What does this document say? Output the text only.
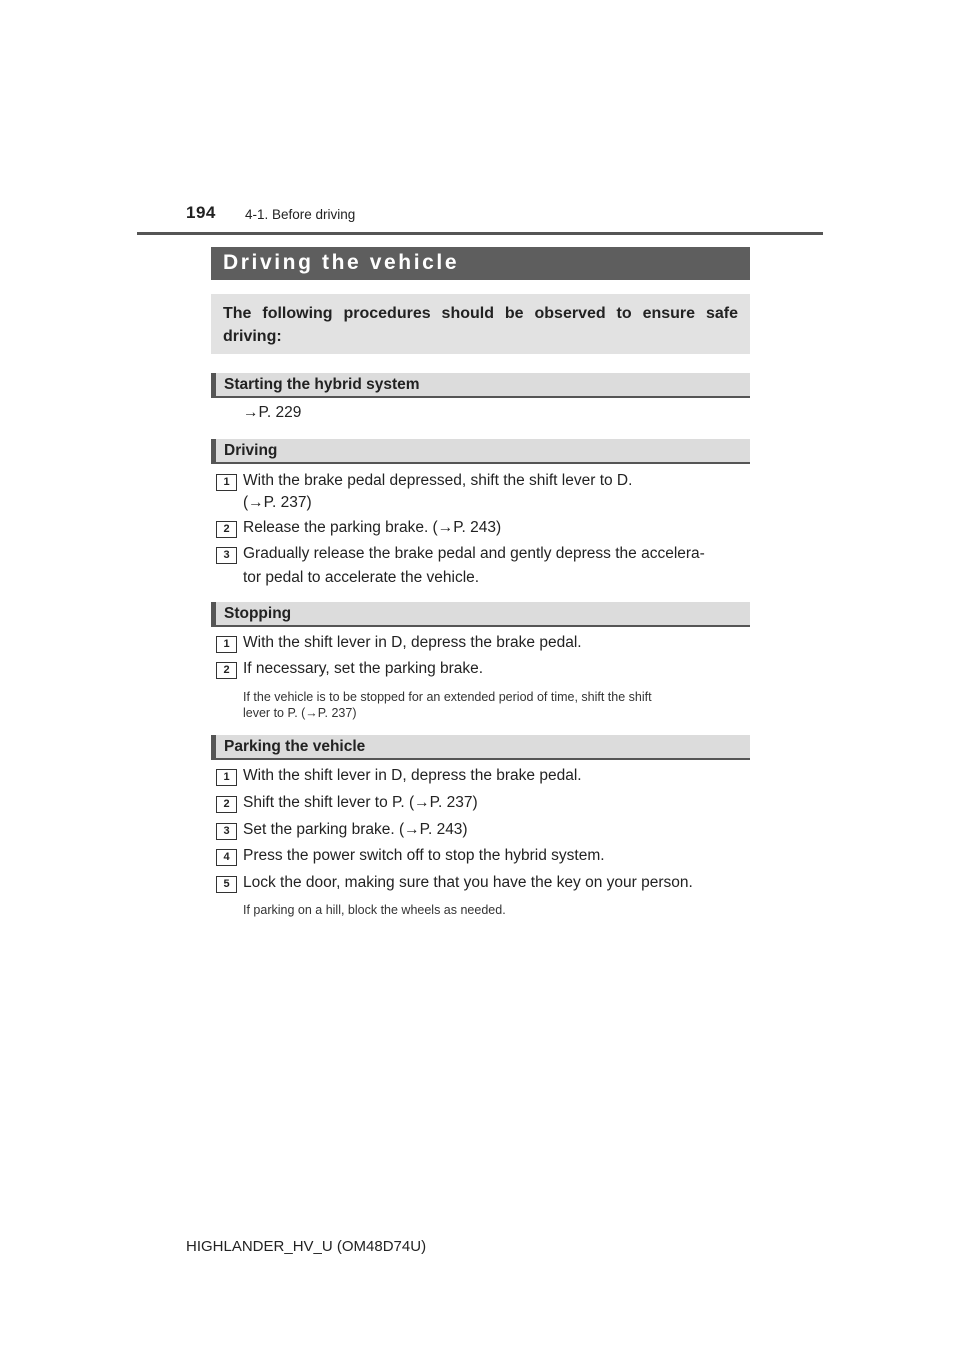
194 4-1. Before driving
Driving the vehicle
The following procedures should be observed to ensure safe driving:
Starting the hybrid system
→P. 229
Driving
1 With the brake pedal depressed, shift the shift lever to D.
(→P. 237)
2 Release the parking brake. (→P. 243)
3 Gradually release the brake pedal and gently depress the accelera-
tor pedal to accelerate the vehicle.
Stopping
1 With the shift lever in D, depress the brake pedal.
2 If necessary, set the parking brake.
If the vehicle is to be stopped for an extended period of time, shift the shift
lever to P. (→P. 237)
Parking the vehicle
1 With the shift lever in D, depress the brake pedal.
2 Shift the shift lever to P. (→P. 237)
3 Set the parking brake. (→P. 243)
4 Press the power switch off to stop the hybrid system.
5 Lock the door, making sure that you have the key on your person.
If parking on a hill, block the wheels as needed.
HIGHLANDER_HV_U (OM48D74U)
